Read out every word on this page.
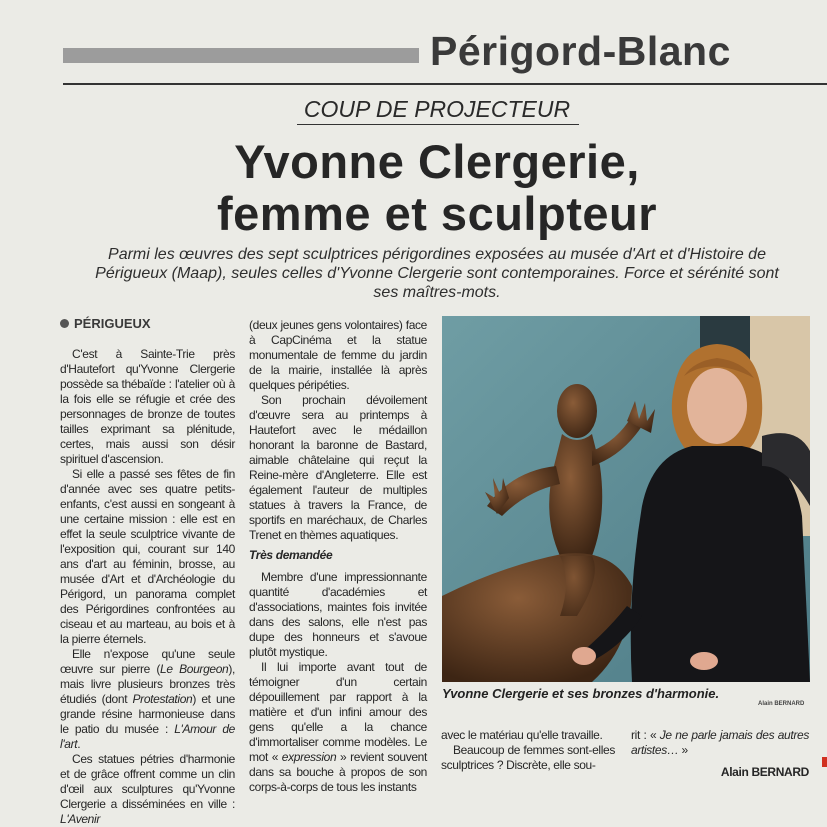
Périgord-Blanc
COUP DE PROJECTEUR
Yvonne Clergerie,
femme et sculpteur
Parmi les œuvres des sept sculptrices périgordines exposées au musée d'Art et d'Histoire de Périgueux (Maap), seules celles d'Yvonne Clergerie sont contemporaines. Force et sérénité sont ses maîtres-mots.
PÉRIGUEUX

C'est à Sainte-Trie près d'Hautefort qu'Yvonne Clergerie possède sa thébaïde : l'atelier où à la fois elle se réfugie et crée des personnages de bronze de toutes tailles exprimant sa plénitude, certes, mais aussi son désir spirituel d'ascension.

Si elle a passé ses fêtes de fin d'année avec ses quatre petits-enfants, c'est aussi en songeant à une certaine mission : elle est en effet la seule sculptrice vivante de l'exposition qui, courant sur 140 ans d'art au féminin, brosse, au musée d'Art et d'Archéologie du Périgord, un panorama complet des Périgordines confrontées au ciseau et au marteau, au bois et à la pierre éternels.

Elle n'expose qu'une seule œuvre sur pierre (Le Bourgeon), mais livre plusieurs bronzes très étudiés (dont Protestation) et une grande résine harmonieuse dans le patio du musée : L'Amour de l'art.

Ces statues pétries d'harmonie et de grâce offrent comme un clin d'œil aux sculptures qu'Yvonne Clergerie a disséminées en ville : L'Avenir

(deux jeunes gens volontaires) face à CapCinéma et la statue monumentale de femme du jardin de la mairie, installée là après quelques péripéties.

Son prochain dévoilement d'œuvre sera au printemps à Hautefort avec le médaillon honorant la baronne de Bastard, aimable châtelaine qui reçut la Reine-mère d'Angleterre. Elle est également l'auteur de multiples statues à travers la France, de sportifs en maréchaux, de Charles Trenet en thèmes aquatiques.

Très demandée

Membre d'une impressionnante quantité d'académies et d'associations, maintes fois invitée dans des salons, elle n'est pas dupe des honneurs et s'avoue plutôt mystique.

Il lui importe avant tout de témoigner d'un certain dépouillement par rapport à la matière et d'un infini amour des gens qu'elle a la chance d'immortaliser comme modèles. Le mot « expression » revient souvent dans sa bouche à propos de son corps-à-corps de tous les instants

Yvonne Clergerie et ses bronzes d'harmonie.
Alain BERNARD

avec le matériau qu'elle travaille.

Beaucoup de femmes sont-elles sculptrices ? Discrète, elle sou-

rit : « Je ne parle jamais des autres artistes… »

Alain BERNARD
